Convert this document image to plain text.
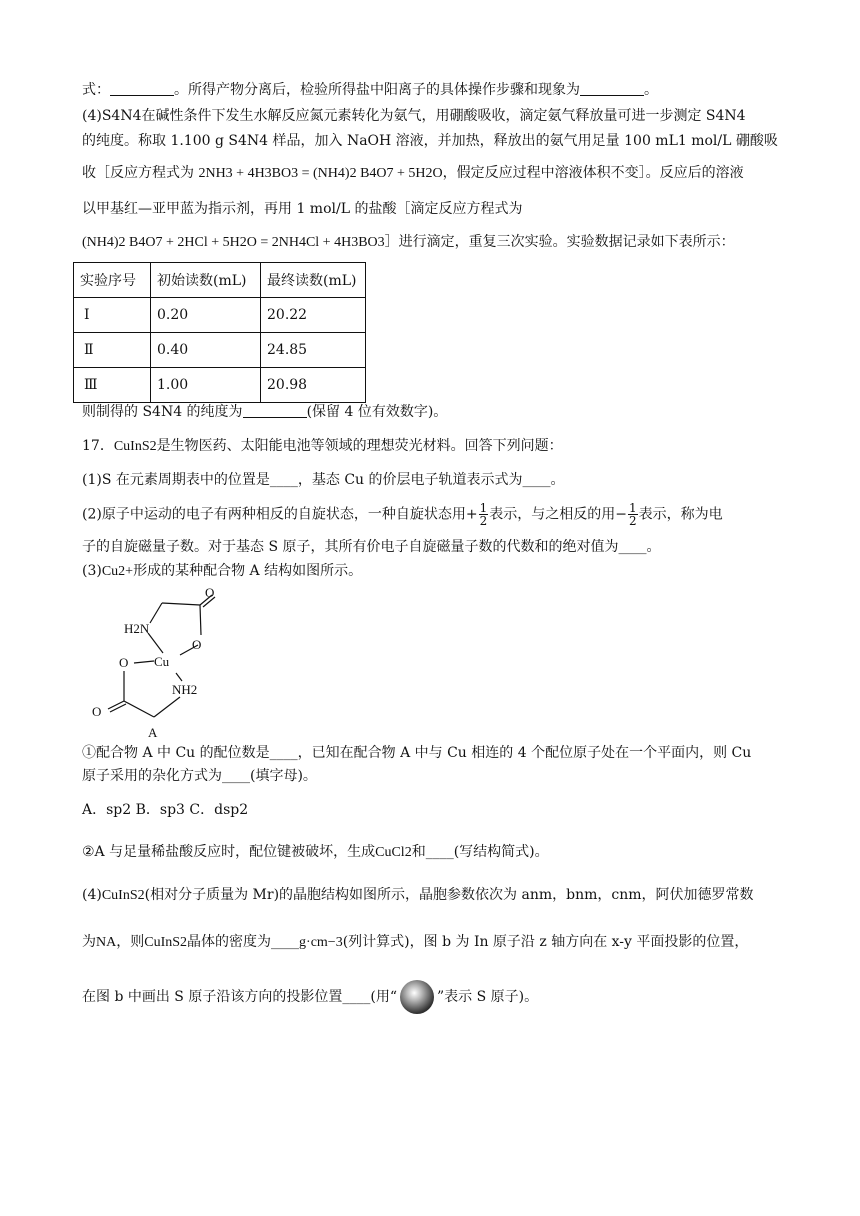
式：	。所得产物分离后，检验所得盐中阳离子的具体操作步骤和现象为	。
(4)S4N4在碱性条件下发生水解反应氮元素转化为氨气，用硼酸吸收，滴定氨气释放量可进一步测定 S4N4
的纯度。称取 1.100 g S4N4 样品，加入 NaOH 溶液，并加热，释放出的氨气用足量 100 mL1 mol/L 硼酸吸
收［反应方程式为 2NH3 + 4H3BO3 = (NH4)2 B4O7 + 5H2O，假定反应过程中溶液体积不变］。反应后的溶液
以甲基红—亚甲蓝为指示剂，再用 1 mol/L 的盐酸［滴定反应方程式为
(NH4)2 B4O7 + 2HCl + 5H2O = 2NH4Cl + 4H3BO3］进行滴定，重复三次实验。实验数据记录如下表所示：
实验序号	初始读数(mL)	最终读数(mL)
Ⅰ	0.20	20.22
Ⅱ	0.40	24.85
Ⅲ	1.00	20.98
则制得的 S4N4 的纯度为	(保留 4 位有效数字)。
17．CuInS2是生物医药、太阳能电池等领域的理想荧光材料。回答下列问题：
(1)S 在元素周期表中的位置是____，基态 Cu 的价层电子轨道表示式为____。
(2)原子中运动的电子有两种相反的自旋状态，一种自旋状态用+ $\frac{1}{2}$ 表示，与之相反的用− $\frac{1}{2}$ 表示，称为电
子的自旋磁量子数。对于基态 S 原子，其所有价电子自旋磁量子数的代数和的绝对值为____。
(3)Cu2+形成的某种配合物 A 结构如图所示。
O
H2N
O
O Cu
NH2
O
A
①配合物 A 中 Cu 的配位数是____，已知在配合物 A 中与 Cu 相连的 4 个配位原子处在一个平面内，则 Cu
原子采用的杂化方式为____(填字母)。
A．sp2 B．sp3 C．dsp2
②A 与足量稀盐酸反应时，配位键被破坏，生成CuCl2和____(写结构简式)。
(4)CuInS2(相对分子质量为 Mr)的晶胞结构如图所示，晶胞参数依次为 anm，bnm，cnm，阿伏加德罗常数
为NA，则CuInS2晶体的密度为____g·cm−3(列计算式)，图 b 为 In 原子沿 z 轴方向在 x-y 平面投影的位置，
在图 b 中画出 S 原子沿该方向的投影位置____(用“	”表示 S 原子)。
